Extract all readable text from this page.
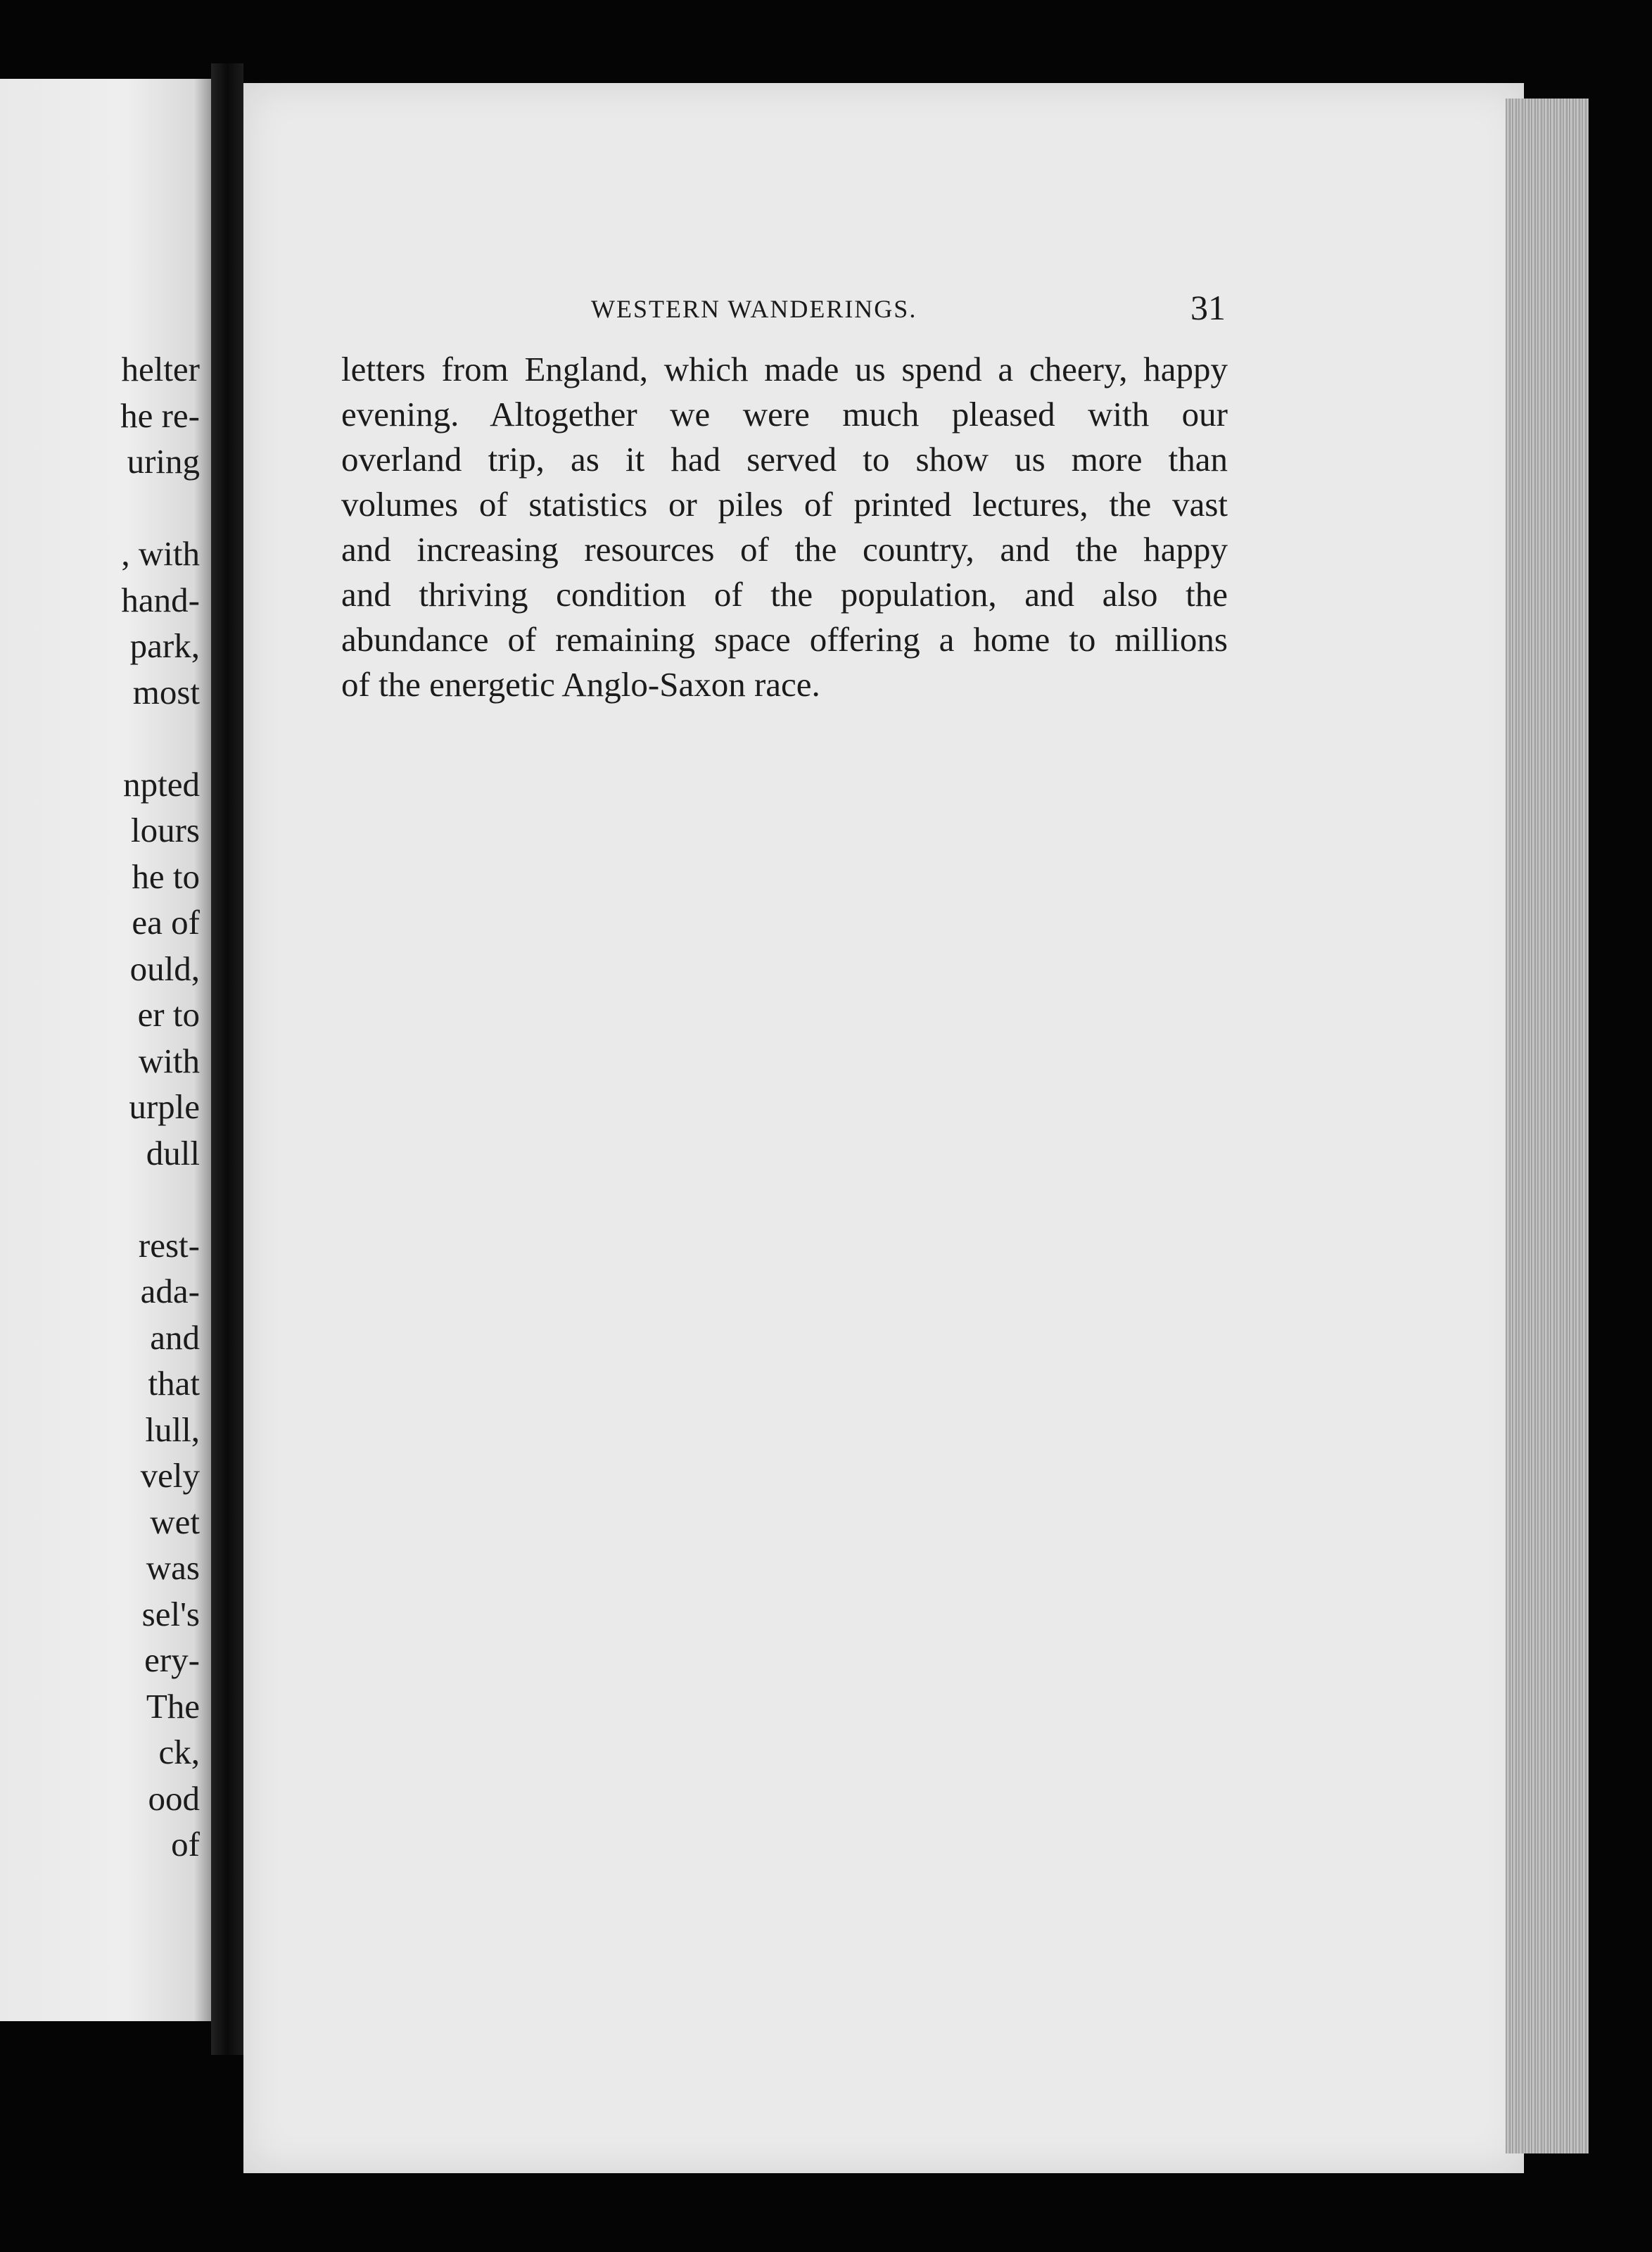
helter
he re-
uring
, with
hand-
park,
most
npted
lours
he to
ea of
ould,
er to
with
urple
dull
rest-
ada-
and
that
lull,
vely
wet
was
sel's
ery-
The
ck,
ood
of
WESTERN WANDERINGS.	31
letters from England, which made us spend a cheery, happy
evening. Altogether we were much pleased with our
overland trip, as it had served to show us more than
volumes of statistics or piles of printed lectures, the vast
and increasing resources of the country, and the happy
and thriving condition of the population, and also the
abundance of remaining space offering a home to millions
of the energetic Anglo-Saxon race.
